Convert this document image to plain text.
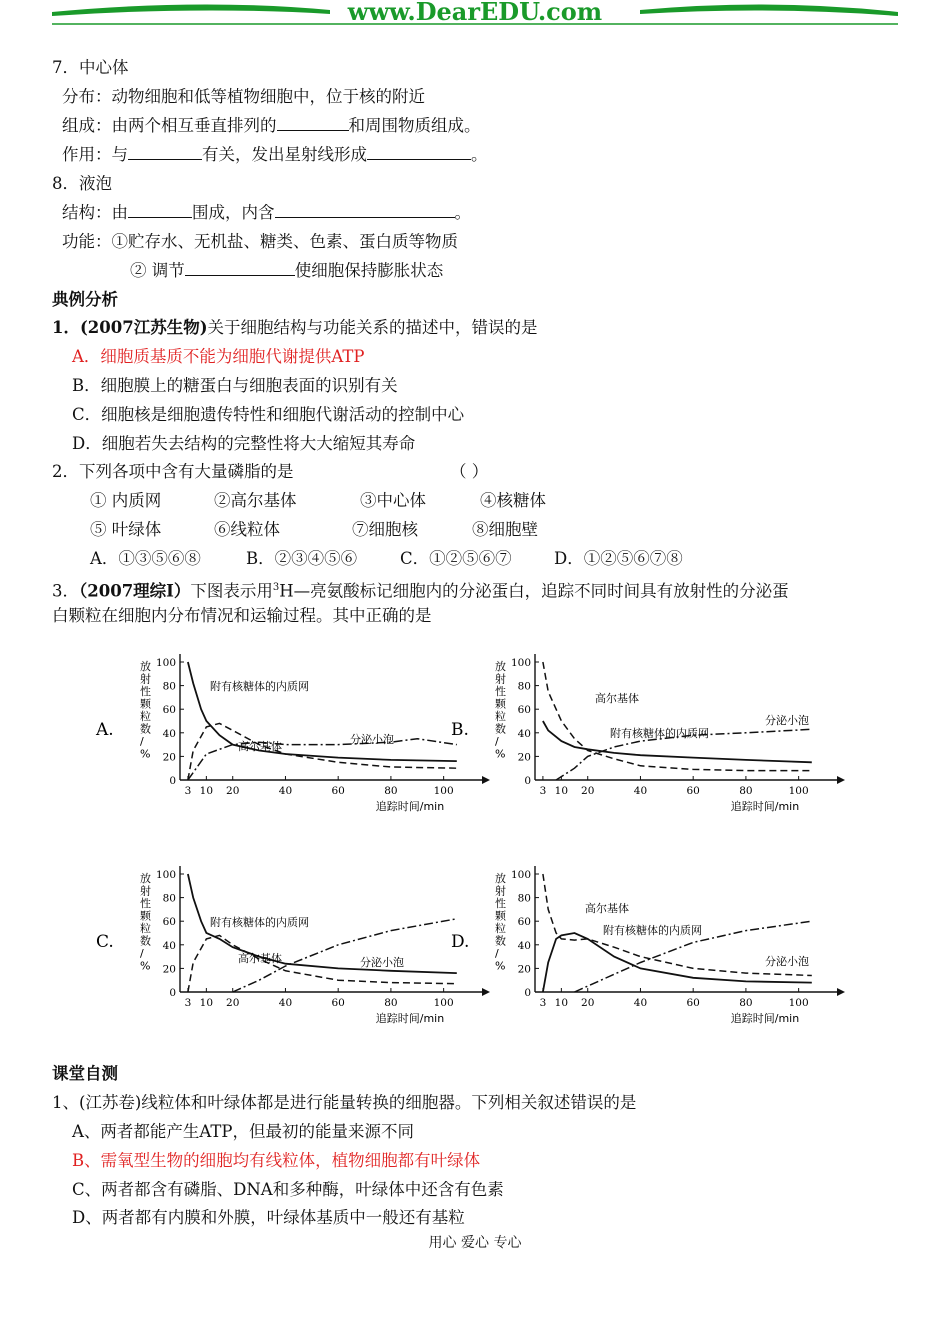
www.DearEDU.com
7．中心体
分布：动物细胞和低等植物细胞中，位于核的附近
组成：由两个相互垂直排列的	和周围物质组成。
作用：与	有关，发出星射线形成	。
8．液泡
结构：由	围成，内含	。
功能：①贮存水、无机盐、糖类、色素、蛋白质等物质
② 调节	使细胞保持膨胀状态
典例分析
1．(2007江苏生物)关于细胞结构与功能关系的描述中，错误的是
A．细胞质基质不能为细胞代谢提供ATP
B．细胞膜上的糖蛋白与细胞表面的识别有关
C．细胞核是细胞遗传特性和细胞代谢活动的控制中心
D．细胞若失去结构的完整性将大大缩短其寿命
2．下列各项中含有大量磷脂的是	（ ）
① 内质网	②高尔基体	③中心体	④核糖体
⑤ 叶绿体	⑥线粒体	⑦细胞核	⑧细胞壁
A．①③⑤⑥⑧	B．②③④⑤⑥	C．①②⑤⑥⑦	D．①②⑤⑥⑦⑧
3．（2007理综Ⅰ）下图表示用$^3$H—亮氨酸标记细胞内的分泌蛋白，追踪不同时间具有放射性的分泌蛋
白颗粒在细胞内分布情况和运输过程。其中正确的是
A.
放射性颗粒数/ %
0
20
40
60
80
100
3 10 20	40	60	80	100
追踪时间/min
附有核糖体的内质网
高尔基体
分泌小泡	B.
放射性颗粒数/ %
0
20
40
60
80
100
3 10 20	40	60	80	100
追踪时间/min
高尔基体
附有核糖体的内质网
分泌小泡
C.
放射性颗粒数/ %
0
20
40
60
80
100
3 10 20	40	60	80	100
追踪时间/min
附有核糖体的内质网
高尔基体	分泌小泡
D.
放射性颗粒数/ %
0
20
40
60
80
100
3 10 20	40	60	80	100
追踪时间/min
高尔基体
附有核糖体的内质网
分泌小泡
课堂自测
1、(江苏卷)线粒体和叶绿体都是进行能量转换的细胞器。下列相关叙述错误的是
A、两者都能产生ATP，但最初的能量来源不同
B、需氧型生物的细胞均有线粒体，植物细胞都有叶绿体
C、两者都含有磷脂、DNA和多种酶，叶绿体中还含有色素
D、两者都有内膜和外膜，叶绿体基质中一般还有基粒
用心 爱心 专心
